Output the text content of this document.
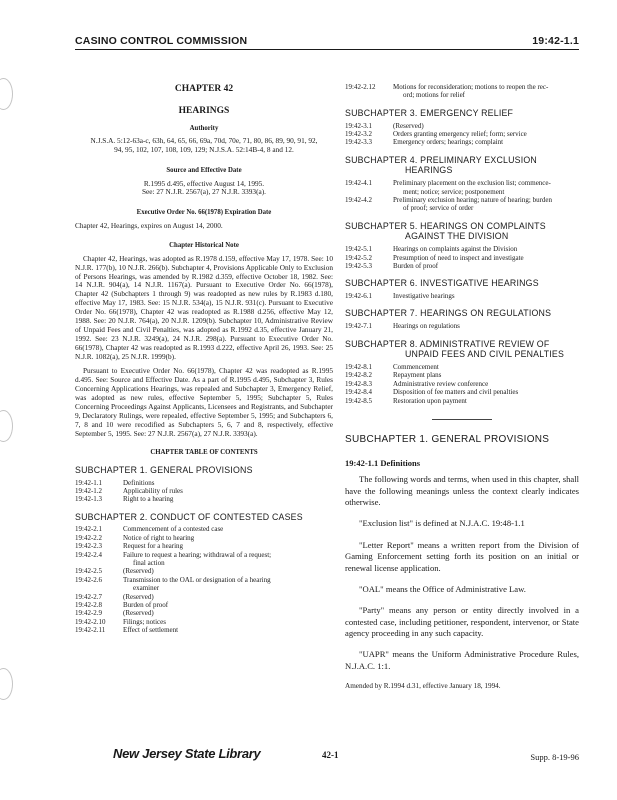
CASINO CONTROL COMMISSION	19:42-1.1
CHAPTER 42
HEARINGS
Authority
N.J.S.A. 5:12-63a-c, 63h, 64, 65, 66, 69a, 70d, 70e, 71, 80, 86, 89, 90, 91, 92, 94, 95, 102, 107, 108, 109, 129; N.J.S.A. 52:14B-4, 8 and 12.
Source and Effective Date
R.1995 d.495, effective August 14, 1995.
See: 27 N.J.R. 2567(a), 27 N.J.R. 3393(a).
Executive Order No. 66(1978) Expiration Date
Chapter 42, Hearings, expires on August 14, 2000.
Chapter Historical Note
Chapter 42, Hearings, was adopted as R.1978 d.159, effective May 17, 1978. See: 10 N.J.R. 177(b), 10 N.J.R. 266(b). Subchapter 4, Provisions Applicable Only to Exclusion of Persons Hearings, was amended by R.1982 d.359, effective October 18, 1982. See: 14 N.J.R. 904(a), 14 N.J.R. 1167(a). Pursuant to Executive Order No. 66(1978), Chapter 42 (Subchapters 1 through 9) was readopted as new rules by R.1983 d.180, effective May 17, 1983. See: 15 N.J.R. 534(a), 15 N.J.R. 931(c). Pursuant to Executive Order No. 66(1978), Chapter 42 was readopted as R.1988 d.256, effective May 12, 1988. See: 20 N.J.R. 764(a), 20 N.J.R. 1209(b). Subchapter 10, Administrative Review of Unpaid Fees and Civil Penalties, was adopted as R.1992 d.35, effective January 21, 1992. See: 23 N.J.R. 3249(a), 24 N.J.R. 298(a). Pursuant to Executive Order No. 66(1978), Chapter 42 was readopted as R.1993 d.222, effective April 26, 1993. See: 25 N.J.R. 1082(a), 25 N.J.R. 1999(b).
Pursuant to Executive Order No. 66(1978), Chapter 42 was readopted as R.1995 d.495. See: Source and Effective Date. As a part of R.1995 d.495, Subchapter 3, Rules Concerning Applications Hearings, was repealed and Subchapter 3, Emergency Relief, was adopted as new rules, effective September 5, 1995; Subchapter 5, Rules Concerning Proceedings Against Applicants, Licensees and Registrants, and Subchapter 9, Declaratory Rulings, were repealed, effective September 5, 1995; and Subchapters 6, 7, 8 and 10 were recodified as Subchapters 5, 6, 7 and 8, respectively, effective September 5, 1995. See: 27 N.J.R. 2567(a), 27 N.J.R. 3393(a).
CHAPTER TABLE OF CONTENTS
SUBCHAPTER 1. GENERAL PROVISIONS
19:42-1.1	Definitions
19:42-1.2	Applicability of rules
19:42-1.3	Right to a hearing
SUBCHAPTER 2. CONDUCT OF CONTESTED CASES
19:42-2.1	Commencement of a contested case
19:42-2.2	Notice of right to hearing
19:42-2.3	Request for a hearing
19:42-2.4	Failure to request a hearing; withdrawal of a request;
final action
19:42-2.5	(Reserved)
19:42-2.6	Transmission to the OAL or designation of a hearing
examiner
19:42-2.7	(Reserved)
19:42-2.8	Burden of proof
19:42-2.9	(Reserved)
19:42-2.10	Filings; notices
19:42-2.11	Effect of settlement
19:42-2.12	Motions for reconsideration; motions to reopen the rec-
ord; motions for relief
SUBCHAPTER 3. EMERGENCY RELIEF
19:42-3.1	(Reserved)
19:42-3.2	Orders granting emergency relief; form; service
19:42-3.3	Emergency orders; hearings; complaint
SUBCHAPTER 4. PRELIMINARY EXCLUSION
HEARINGS
19:42-4.1	Preliminary placement on the exclusion list; commence-
ment; notice; service; postponement
19:42-4.2	Preliminary exclusion hearing; nature of hearing; burden
of proof; service of order
SUBCHAPTER 5. HEARINGS ON COMPLAINTS
AGAINST THE DIVISION
19:42-5.1	Hearings on complaints against the Division
19:42-5.2	Presumption of need to inspect and investigate
19:42-5.3	Burden of proof
SUBCHAPTER 6. INVESTIGATIVE HEARINGS
19:42-6.1	Investigative hearings
SUBCHAPTER 7. HEARINGS ON REGULATIONS
19:42-7.1	Hearings on regulations
SUBCHAPTER 8. ADMINISTRATIVE REVIEW OF
UNPAID FEES AND CIVIL PENALTIES
19:42-8.1	Commencement
19:42-8.2	Repayment plans
19:42-8.3	Administrative review conference
19:42-8.4	Disposition of fee matters and civil penalties
19:42-8.5	Restoration upon payment
SUBCHAPTER 1. GENERAL PROVISIONS
19:42-1.1 Definitions
The following words and terms, when used in this chapter, shall have the following meanings unless the context clearly indicates otherwise.
"Exclusion list" is defined at N.J.A.C. 19:48-1.1
"Letter Report" means a written report from the Division of Gaming Enforcement setting forth its position on an initial or renewal license application.
"OAL" means the Office of Administrative Law.
"Party" means any person or entity directly involved in a contested case, including petitioner, respondent, intervenor, or State agency proceeding in any such capacity.
"UAPR" means the Uniform Administrative Procedure Rules, N.J.A.C. 1:1.
Amended by R.1994 d.31, effective January 18, 1994.
New Jersey State Library	42-1	Supp. 8-19-96
